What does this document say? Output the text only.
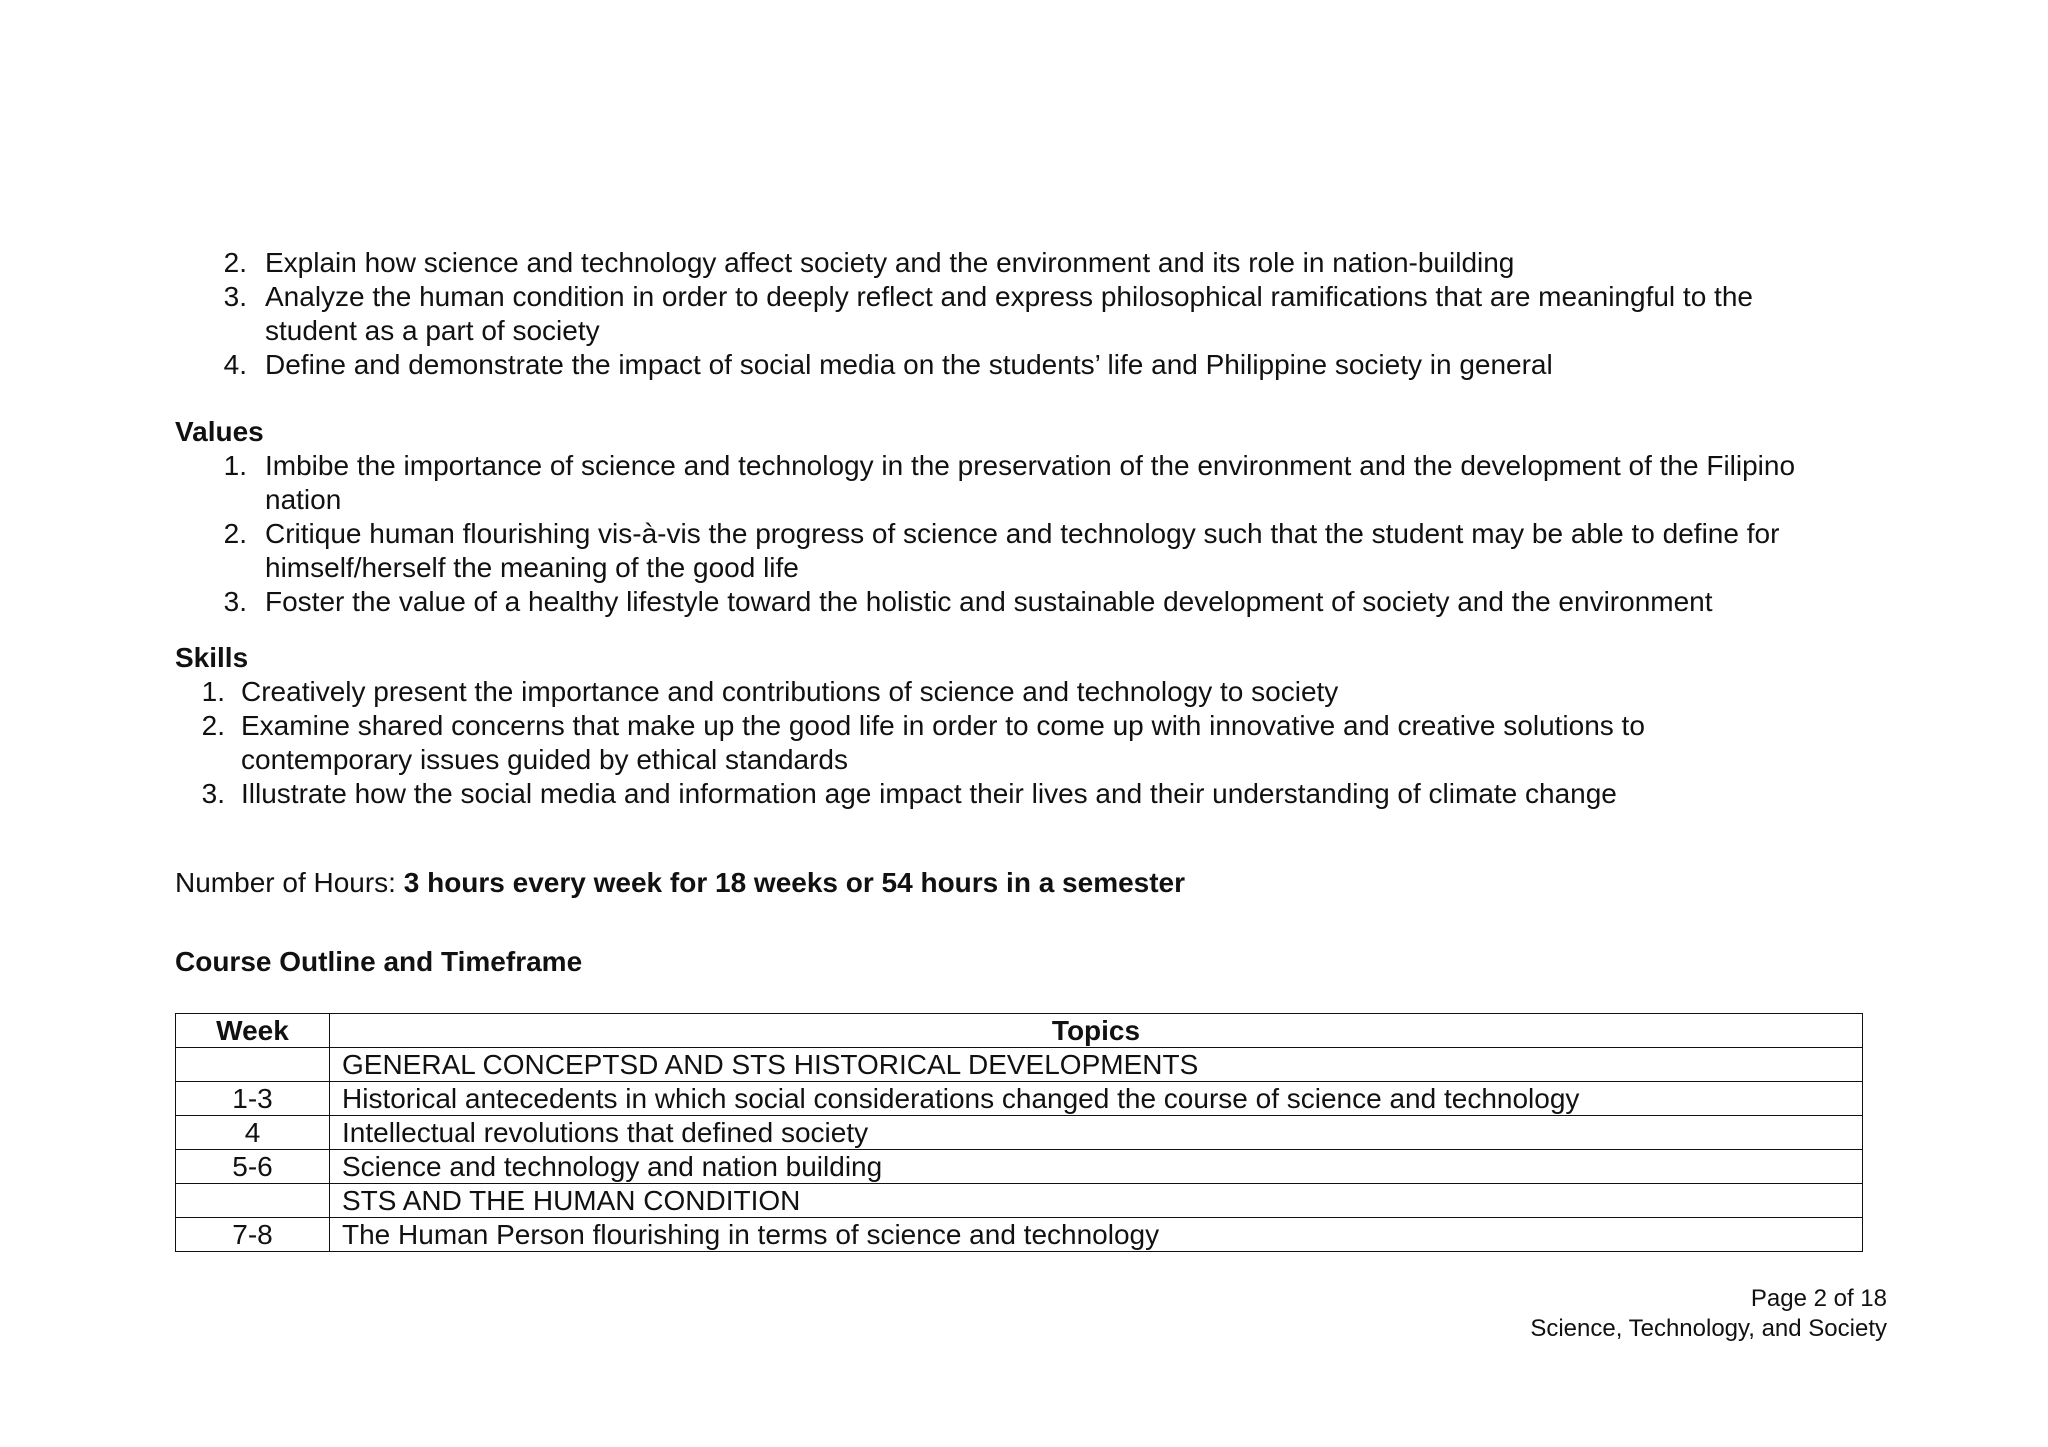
2. Explain how science and technology affect society and the environment and its role in nation-building
3. Analyze the human condition in order to deeply reflect and express philosophical ramifications that are meaningful to the
student as a part of society
4. Define and demonstrate the impact of social media on the students’ life and Philippine society in general
Values
1. Imbibe the importance of science and technology in the preservation of the environment and the development of the Filipino
nation
2. Critique human flourishing vis-à-vis the progress of science and technology such that the student may be able to define for
himself/herself the meaning of the good life
3. Foster the value of a healthy lifestyle toward the holistic and sustainable development of society and the environment
Skills
1. Creatively present the importance and contributions of science and technology to society
2. Examine shared concerns that make up the good life in order to come up with innovative and creative solutions to
contemporary issues guided by ethical standards
3. Illustrate how the social media and information age impact their lives and their understanding of climate change
Number of Hours: 3 hours every week for 18 weeks or 54 hours in a semester
Course Outline and Timeframe
Week	Topics
	GENERAL CONCEPTSD AND STS HISTORICAL DEVELOPMENTS
1-3	Historical antecedents in which social considerations changed the course of science and technology
4	Intellectual revolutions that defined society
5-6	Science and technology and nation building
	STS AND THE HUMAN CONDITION
7-8	The Human Person flourishing in terms of science and technology
Page 2 of 18
Science, Technology, and Society
